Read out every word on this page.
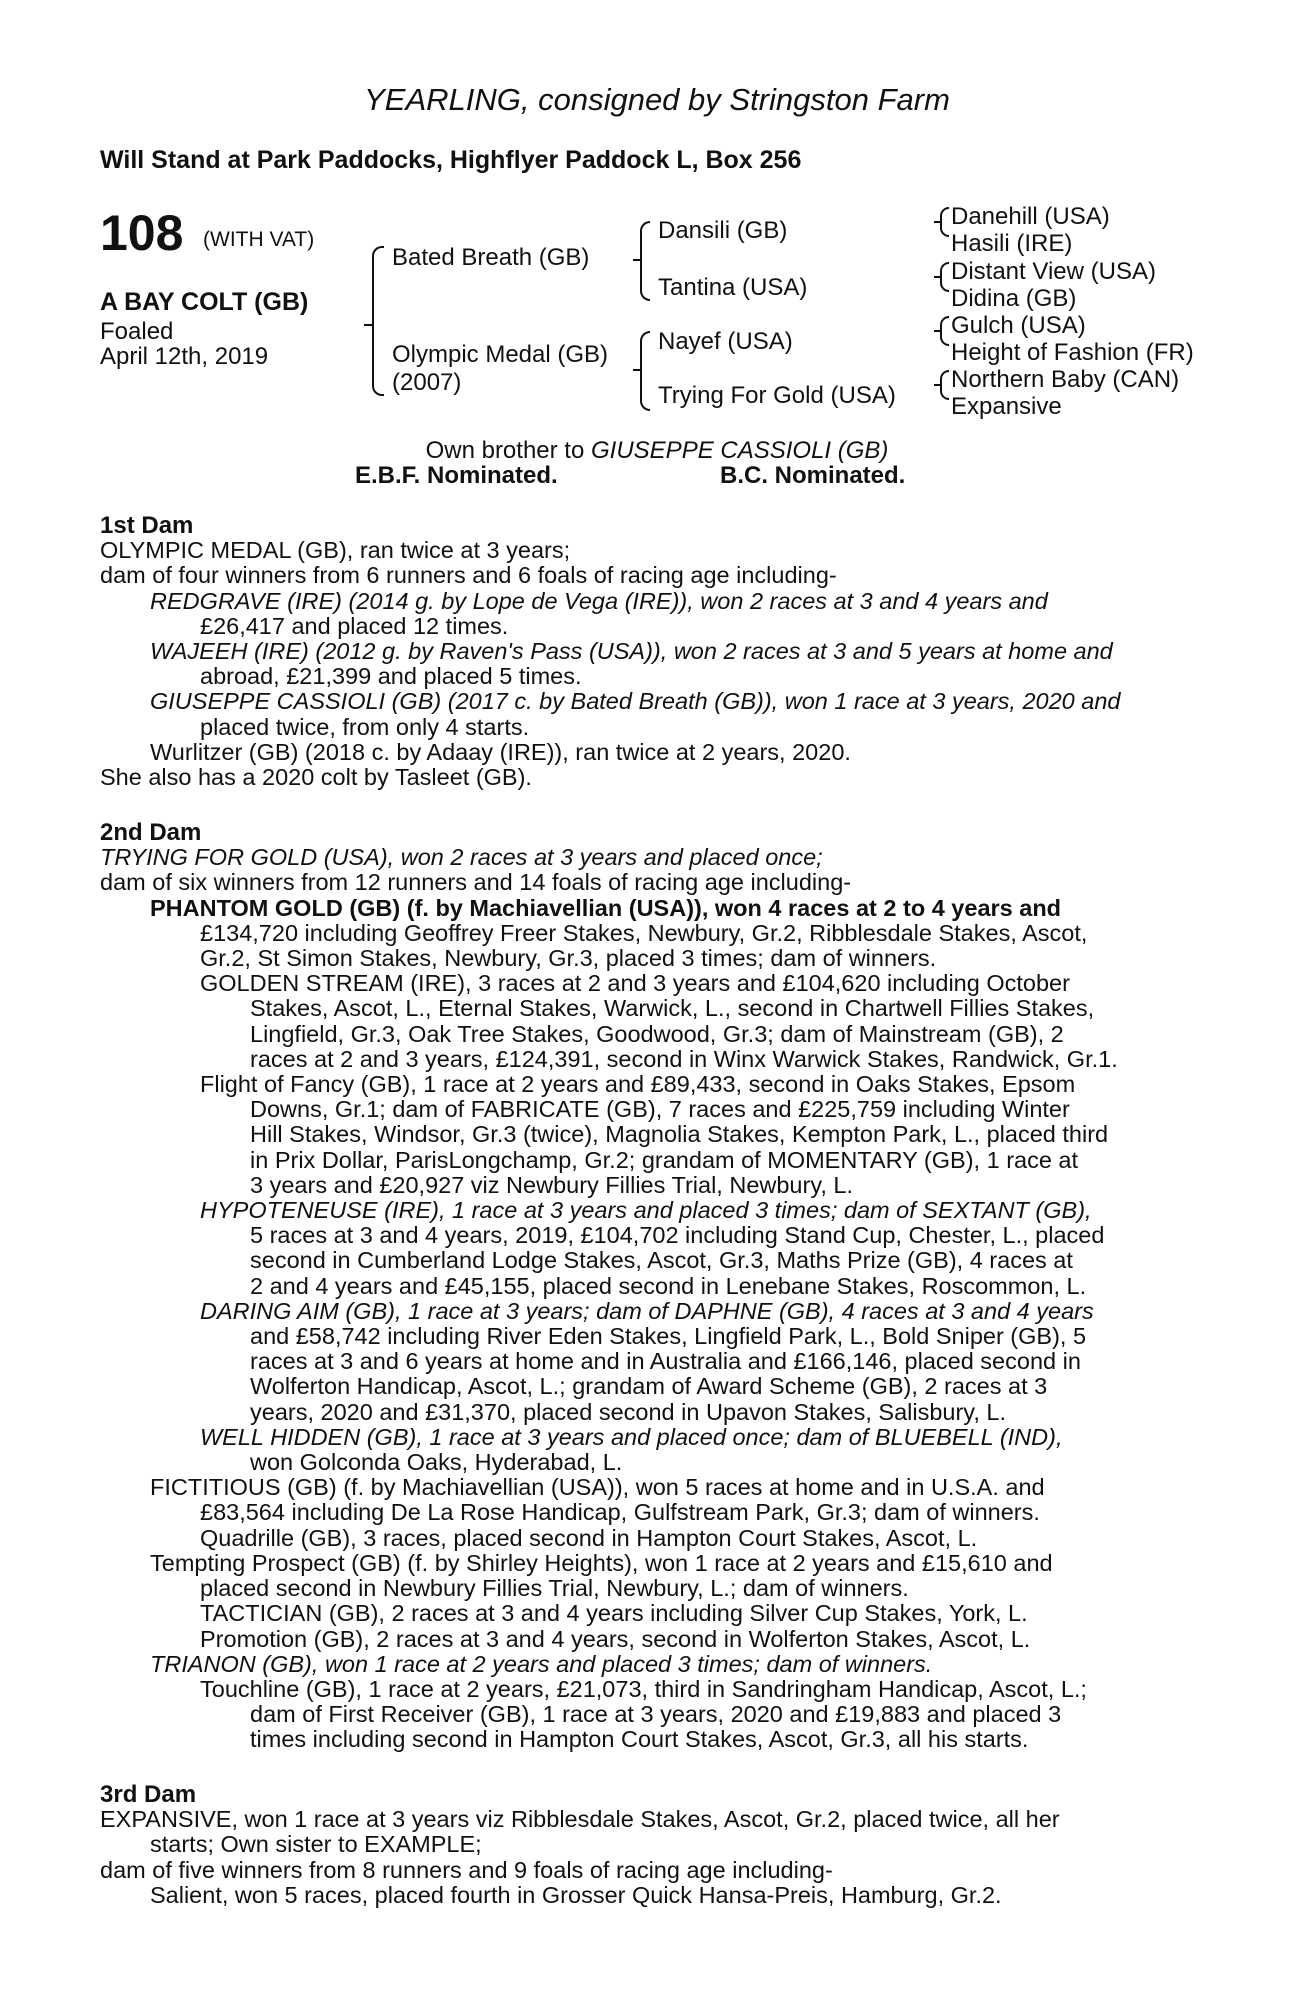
YEARLING, consigned by Stringston Farm
Will Stand at Park Paddocks, Highflyer Paddock L, Box 256
108 (WITH VAT)
A BAY COLT (GB)
Foaled
April 12th, 2019
Bated Breath (GB)
Olympic Medal (GB)
(2007)
Dansili (GB)
Tantina (USA)
Nayef (USA)
Trying For Gold (USA)
Danehill (USA)
Hasili (IRE)
Distant View (USA)
Didina (GB)
Gulch (USA)
Height of Fashion (FR)
Northern Baby (CAN)
Expansive
Own brother to GIUSEPPE CASSIOLI (GB)
E.B.F. Nominated.	B.C. Nominated.
1st Dam
OLYMPIC MEDAL (GB), ran twice at 3 years;
dam of four winners from 6 runners and 6 foals of racing age including-
REDGRAVE (IRE) (2014 g. by Lope de Vega (IRE)), won 2 races at 3 and 4 years and
£26,417 and placed 12 times.
WAJEEH (IRE) (2012 g. by Raven's Pass (USA)), won 2 races at 3 and 5 years at home and
abroad, £21,399 and placed 5 times.
GIUSEPPE CASSIOLI (GB) (2017 c. by Bated Breath (GB)), won 1 race at 3 years, 2020 and
placed twice, from only 4 starts.
Wurlitzer (GB) (2018 c. by Adaay (IRE)), ran twice at 2 years, 2020.
She also has a 2020 colt by Tasleet (GB).
2nd Dam
TRYING FOR GOLD (USA), won 2 races at 3 years and placed once;
dam of six winners from 12 runners and 14 foals of racing age including-
PHANTOM GOLD (GB) (f. by Machiavellian (USA)), won 4 races at 2 to 4 years and
£134,720 including Geoffrey Freer Stakes, Newbury, Gr.2, Ribblesdale Stakes, Ascot,
Gr.2, St Simon Stakes, Newbury, Gr.3, placed 3 times; dam of winners.
GOLDEN STREAM (IRE), 3 races at 2 and 3 years and £104,620 including October
Stakes, Ascot, L., Eternal Stakes, Warwick, L., second in Chartwell Fillies Stakes,
Lingfield, Gr.3, Oak Tree Stakes, Goodwood, Gr.3; dam of Mainstream (GB), 2
races at 2 and 3 years, £124,391, second in Winx Warwick Stakes, Randwick, Gr.1.
Flight of Fancy (GB), 1 race at 2 years and £89,433, second in Oaks Stakes, Epsom
Downs, Gr.1; dam of FABRICATE (GB), 7 races and £225,759 including Winter
Hill Stakes, Windsor, Gr.3 (twice), Magnolia Stakes, Kempton Park, L., placed third
in Prix Dollar, ParisLongchamp, Gr.2; grandam of MOMENTARY (GB), 1 race at
3 years and £20,927 viz Newbury Fillies Trial, Newbury, L.
HYPOTENEUSE (IRE), 1 race at 3 years and placed 3 times; dam of SEXTANT (GB),
5 races at 3 and 4 years, 2019, £104,702 including Stand Cup, Chester, L., placed
second in Cumberland Lodge Stakes, Ascot, Gr.3, Maths Prize (GB), 4 races at
2 and 4 years and £45,155, placed second in Lenebane Stakes, Roscommon, L.
DARING AIM (GB), 1 race at 3 years; dam of DAPHNE (GB), 4 races at 3 and 4 years
and £58,742 including River Eden Stakes, Lingfield Park, L., Bold Sniper (GB), 5
races at 3 and 6 years at home and in Australia and £166,146, placed second in
Wolferton Handicap, Ascot, L.; grandam of Award Scheme (GB), 2 races at 3
years, 2020 and £31,370, placed second in Upavon Stakes, Salisbury, L.
WELL HIDDEN (GB), 1 race at 3 years and placed once; dam of BLUEBELL (IND),
won Golconda Oaks, Hyderabad, L.
FICTITIOUS (GB) (f. by Machiavellian (USA)), won 5 races at home and in U.S.A. and
£83,564 including De La Rose Handicap, Gulfstream Park, Gr.3; dam of winners.
Quadrille (GB), 3 races, placed second in Hampton Court Stakes, Ascot, L.
Tempting Prospect (GB) (f. by Shirley Heights), won 1 race at 2 years and £15,610 and
placed second in Newbury Fillies Trial, Newbury, L.; dam of winners.
TACTICIAN (GB), 2 races at 3 and 4 years including Silver Cup Stakes, York, L.
Promotion (GB), 2 races at 3 and 4 years, second in Wolferton Stakes, Ascot, L.
TRIANON (GB), won 1 race at 2 years and placed 3 times; dam of winners.
Touchline (GB), 1 race at 2 years, £21,073, third in Sandringham Handicap, Ascot, L.;
dam of First Receiver (GB), 1 race at 3 years, 2020 and £19,883 and placed 3
times including second in Hampton Court Stakes, Ascot, Gr.3, all his starts.
3rd Dam
EXPANSIVE, won 1 race at 3 years viz Ribblesdale Stakes, Ascot, Gr.2, placed twice, all her
starts; Own sister to EXAMPLE;
dam of five winners from 8 runners and 9 foals of racing age including-
Salient, won 5 races, placed fourth in Grosser Quick Hansa-Preis, Hamburg, Gr.2.
